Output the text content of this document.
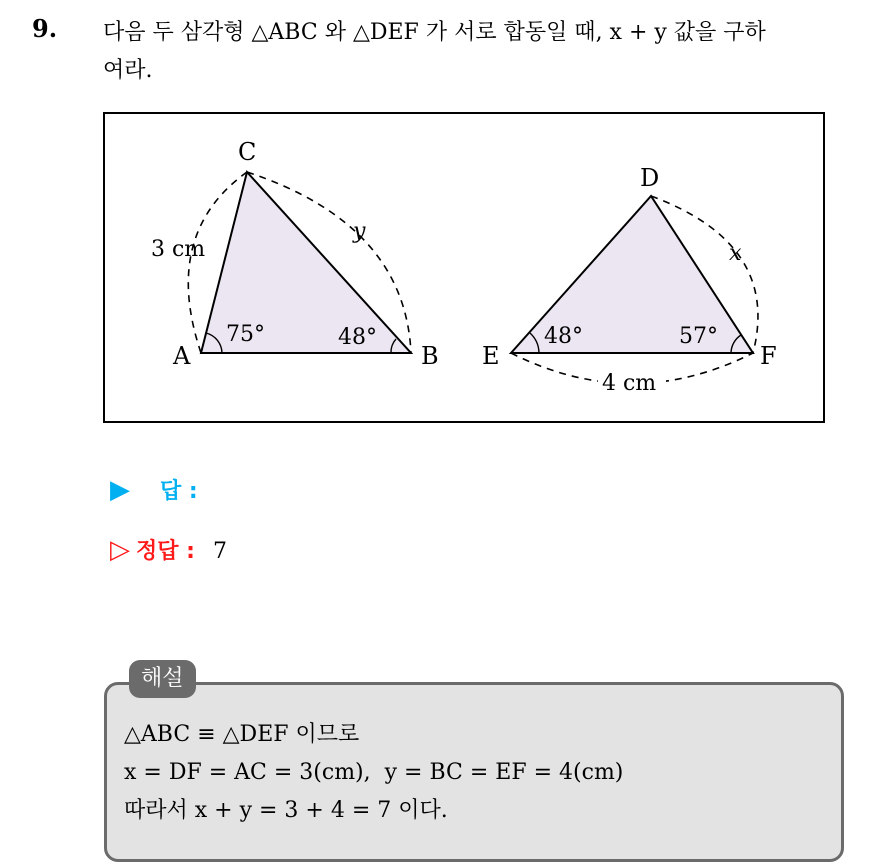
9. 다음 두 삼각형 △ABC 와 △DEF 가 서로 합동일 때, x + y 값을 구하
여라.
A	B
C
3 cm
y
75°	48°
D
E	F
x
4 cm
48°	57°
▶ 답 :
▷ 정답 : 7
해설
△ABC ≡ △DEF 이므로
x = DF = AC = 3(cm),  y = BC = EF = 4(cm)
따라서 x + y = 3 + 4 = 7 이다.
